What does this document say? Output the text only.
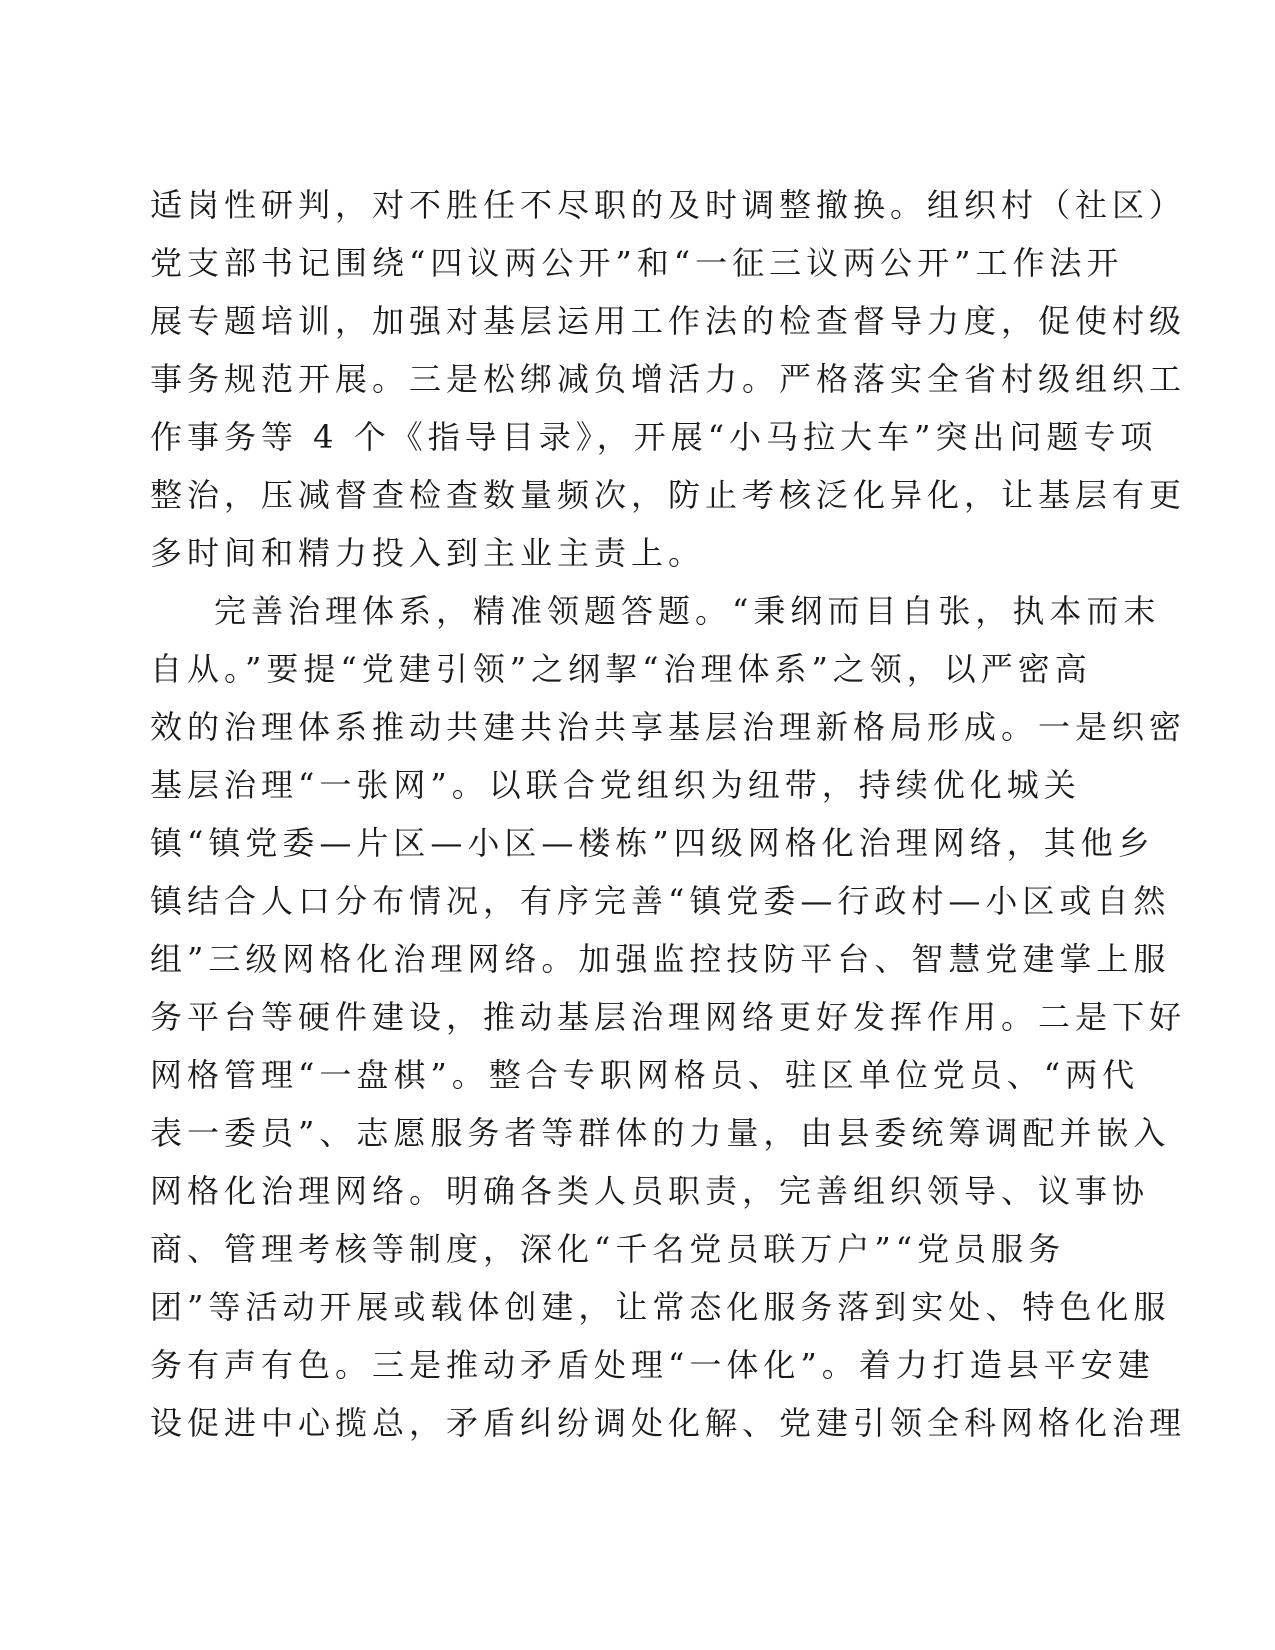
适岗性研判，对不胜任不尽职的及时调整撤换。组织村（社区）
党支部书记围绕“四议两公开”和“一征三议两公开”工作法开
展专题培训，加强对基层运用工作法的检查督导力度，促使村级
事务规范开展。三是松绑减负增活力。严格落实全省村级组织工
作事务等 4 个《指导目录》，开展“小马拉大车”突出问题专项
整治，压减督查检查数量频次，防止考核泛化异化，让基层有更
多时间和精力投入到主业主责上。
完善治理体系，精准领题答题。“秉纲而目自张，执本而末
自从。”要提“党建引领”之纲挈“治理体系”之领，以严密高
效的治理体系推动共建共治共享基层治理新格局形成。一是织密
基层治理“一张网”。以联合党组织为纽带，持续优化城关
镇“镇党委—片区—小区—楼栋”四级网格化治理网络，其他乡
镇结合人口分布情况，有序完善“镇党委—行政村—小区或自然
组”三级网格化治理网络。加强监控技防平台、智慧党建掌上服
务平台等硬件建设，推动基层治理网络更好发挥作用。二是下好
网格管理“一盘棋”。整合专职网格员、驻区单位党员、“两代
表一委员”、志愿服务者等群体的力量，由县委统筹调配并嵌入
网格化治理网络。明确各类人员职责，完善组织领导、议事协
商、管理考核等制度，深化“千名党员联万户”“党员服务
团”等活动开展或载体创建，让常态化服务落到实处、特色化服
务有声有色。三是推动矛盾处理“一体化”。着力打造县平安建
设促进中心揽总，矛盾纠纷调处化解、党建引领全科网格化治理
